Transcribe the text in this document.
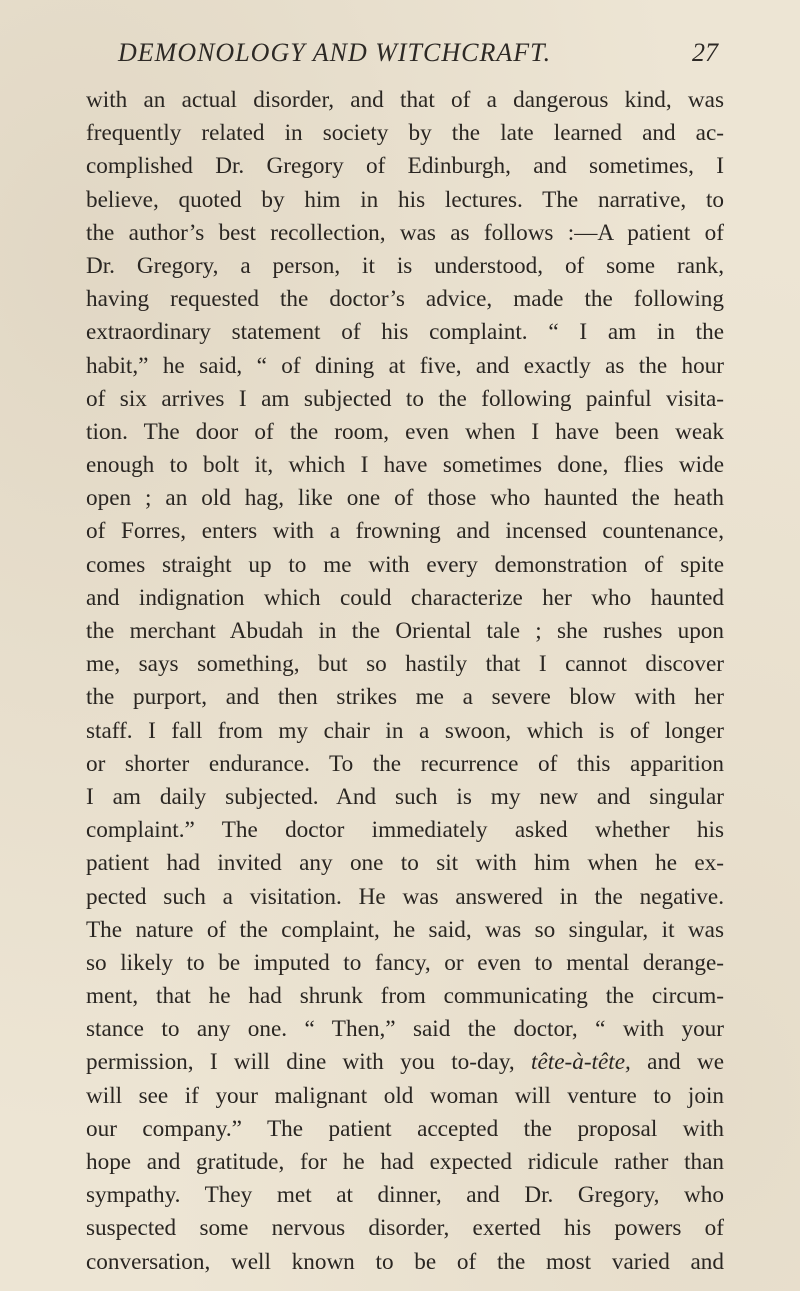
DEMONOLOGY AND WITCHCRAFT.	27
with an actual disorder, and that of a dangerous kind, was
frequently related in society by the late learned and ac-
complished Dr. Gregory of Edinburgh, and sometimes, I
believe, quoted by him in his lectures. The narrative, to
the author’s best recollection, was as follows :—A patient of
Dr. Gregory, a person, it is understood, of some rank,
having requested the doctor’s advice, made the following
extraordinary statement of his complaint. “ I am in the
habit,” he said, “ of dining at five, and exactly as the hour
of six arrives I am subjected to the following painful visita-
tion. The door of the room, even when I have been weak
enough to bolt it, which I have sometimes done, flies wide
open ; an old hag, like one of those who haunted the heath
of Forres, enters with a frowning and incensed countenance,
comes straight up to me with every demonstration of spite
and indignation which could characterize her who haunted
the merchant Abudah in the Oriental tale ; she rushes upon
me, says something, but so hastily that I cannot discover
the purport, and then strikes me a severe blow with her
staff. I fall from my chair in a swoon, which is of longer
or shorter endurance. To the recurrence of this apparition
I am daily subjected. And such is my new and singular
complaint.” The doctor immediately asked whether his
patient had invited any one to sit with him when he ex-
pected such a visitation. He was answered in the negative.
The nature of the complaint, he said, was so singular, it was
so likely to be imputed to fancy, or even to mental derange-
ment, that he had shrunk from communicating the circum-
stance to any one. “ Then,” said the doctor, “ with your
permission, I will dine with you to-day, tête-à-tête, and we
will see if your malignant old woman will venture to join
our company.” The patient accepted the proposal with
hope and gratitude, for he had expected ridicule rather than
sympathy. They met at dinner, and Dr. Gregory, who
suspected some nervous disorder, exerted his powers of
conversation, well known to be of the most varied and
